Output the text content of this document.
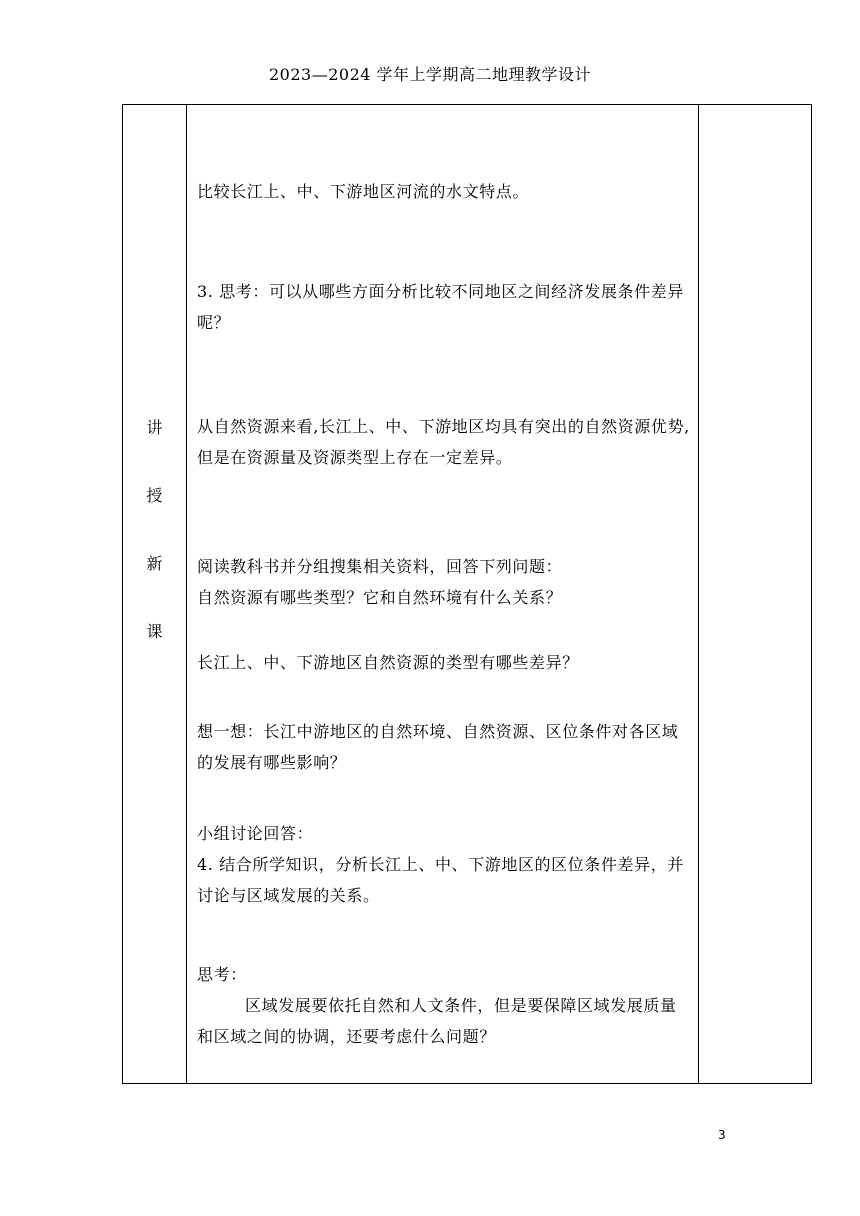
2023—2024 学年上学期高二地理教学设计
讲
授
新
课

比较长江上、中、下游地区河流的水文特点。

3. 思考：可以从哪些方面分析比较不同地区之间经济发展条件差异呢？

从自然资源来看,长江上、中、下游地区均具有突出的自然资源优势,但是在资源量及资源类型上存在一定差异。

阅读教科书并分组搜集相关资料，回答下列问题：

自然资源有哪些类型？它和自然环境有什么关系？

长江上、中、下游地区自然资源的类型有哪些差异？

想一想：长江中游地区的自然环境、自然资源、区位条件对各区域的发展有哪些影响？

小组讨论回答：

4. 结合所学知识，分析长江上、中、下游地区的区位条件差异，并讨论与区域发展的关系。

思考：

区域发展要依托自然和人文条件，但是要保障区域发展质量和区域之间的协调，还要考虑什么问题？

3
